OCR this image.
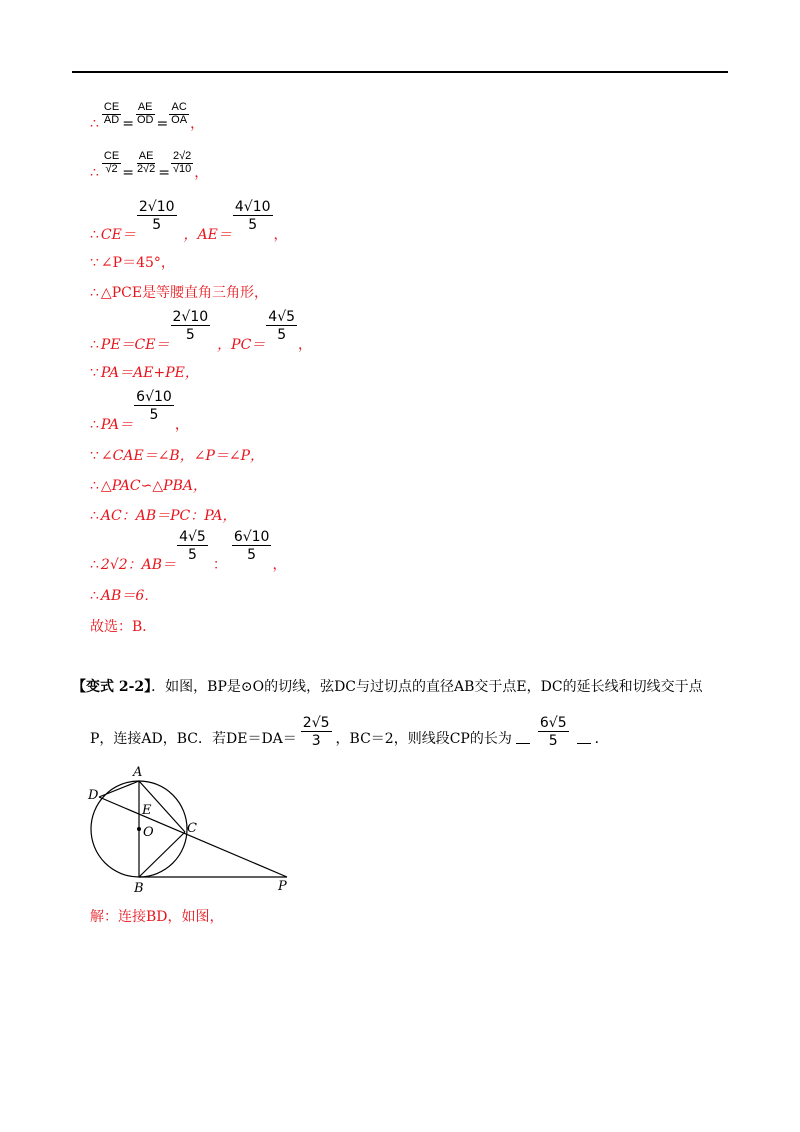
∴ $\frac{CE}{AD} = \frac{AE}{OD} = \frac{AC}{OA}$ ，
∴ $\frac{CE}{√2} = \frac{AE}{2√2} = \frac{2√2}{√10}$ ，
∴ CE＝
$\frac{2√10}{5}$
，AE＝
$\frac{4√10}{5}$
，
∵ ∠P＝45°，
∴ △PCE是等腰直角三角形，
∴ PE＝CE＝
$\frac{2√10}{5}$
，PC＝
$\frac{4√5}{5}$
，
∵ PA＝AE+PE，
∴ PA＝
$\frac{6√10}{5}$
，
∵ ∠CAE＝∠B，∠P＝∠P，
∴ △PAC∽△PBA，
∴ AC：AB＝PC：PA，
∴ 2√2：AB＝
$\frac{4√5}{5}$
：
$\frac{6√10}{5}$
，
∴ AB＝6．
故选：B．
【变式 2-2】．如图，BP是⊙O的切线，弦DC与过切点的直径AB交于点E，DC的延长线和切线交于点
P，连接AD，BC．若$DE=DA= \frac{2√5}{3}$ ，BC＝2，则线段CP的长为 $\frac{6√5}{5}$ ．
A
D
E
O	C
B	P
解：连接BD，如图，
